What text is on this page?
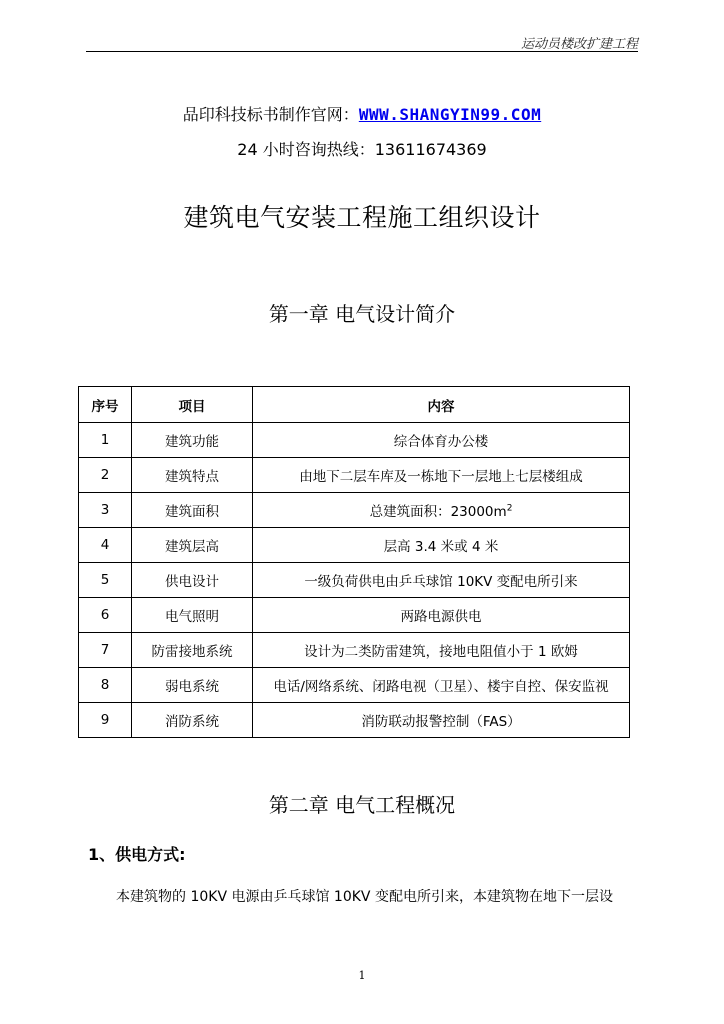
运动员楼改扩建工程
品印科技标书制作官网：WWW.SHANGYIN99.COM
24 小时咨询热线：13611674369
建筑电气安装工程施工组织设计
第一章 电气设计简介
序号	项目	内容
1	建筑功能	综合体育办公楼
2	建筑特点	由地下二层车库及一栋地下一层地上七层楼组成
3	建筑面积	总建筑面积：$23000m^2$
4	建筑层高	层高 3.4 米或 4 米
5	供电设计	一级负荷供电由乒乓球馆 10KV 变配电所引来
6	电气照明	两路电源供电
7	防雷接地系统	设计为二类防雷建筑，接地电阻值小于 1 欧姆
8	弱电系统	电话/网络系统、闭路电视（卫星）、楼宇自控、保安监视
9	消防系统	消防联动报警控制（FAS）
第二章 电气工程概况
1、供电方式:
本建筑物的 10KV 电源由乒乓球馆 10KV 变配电所引来，本建筑物在地下一层设
1
